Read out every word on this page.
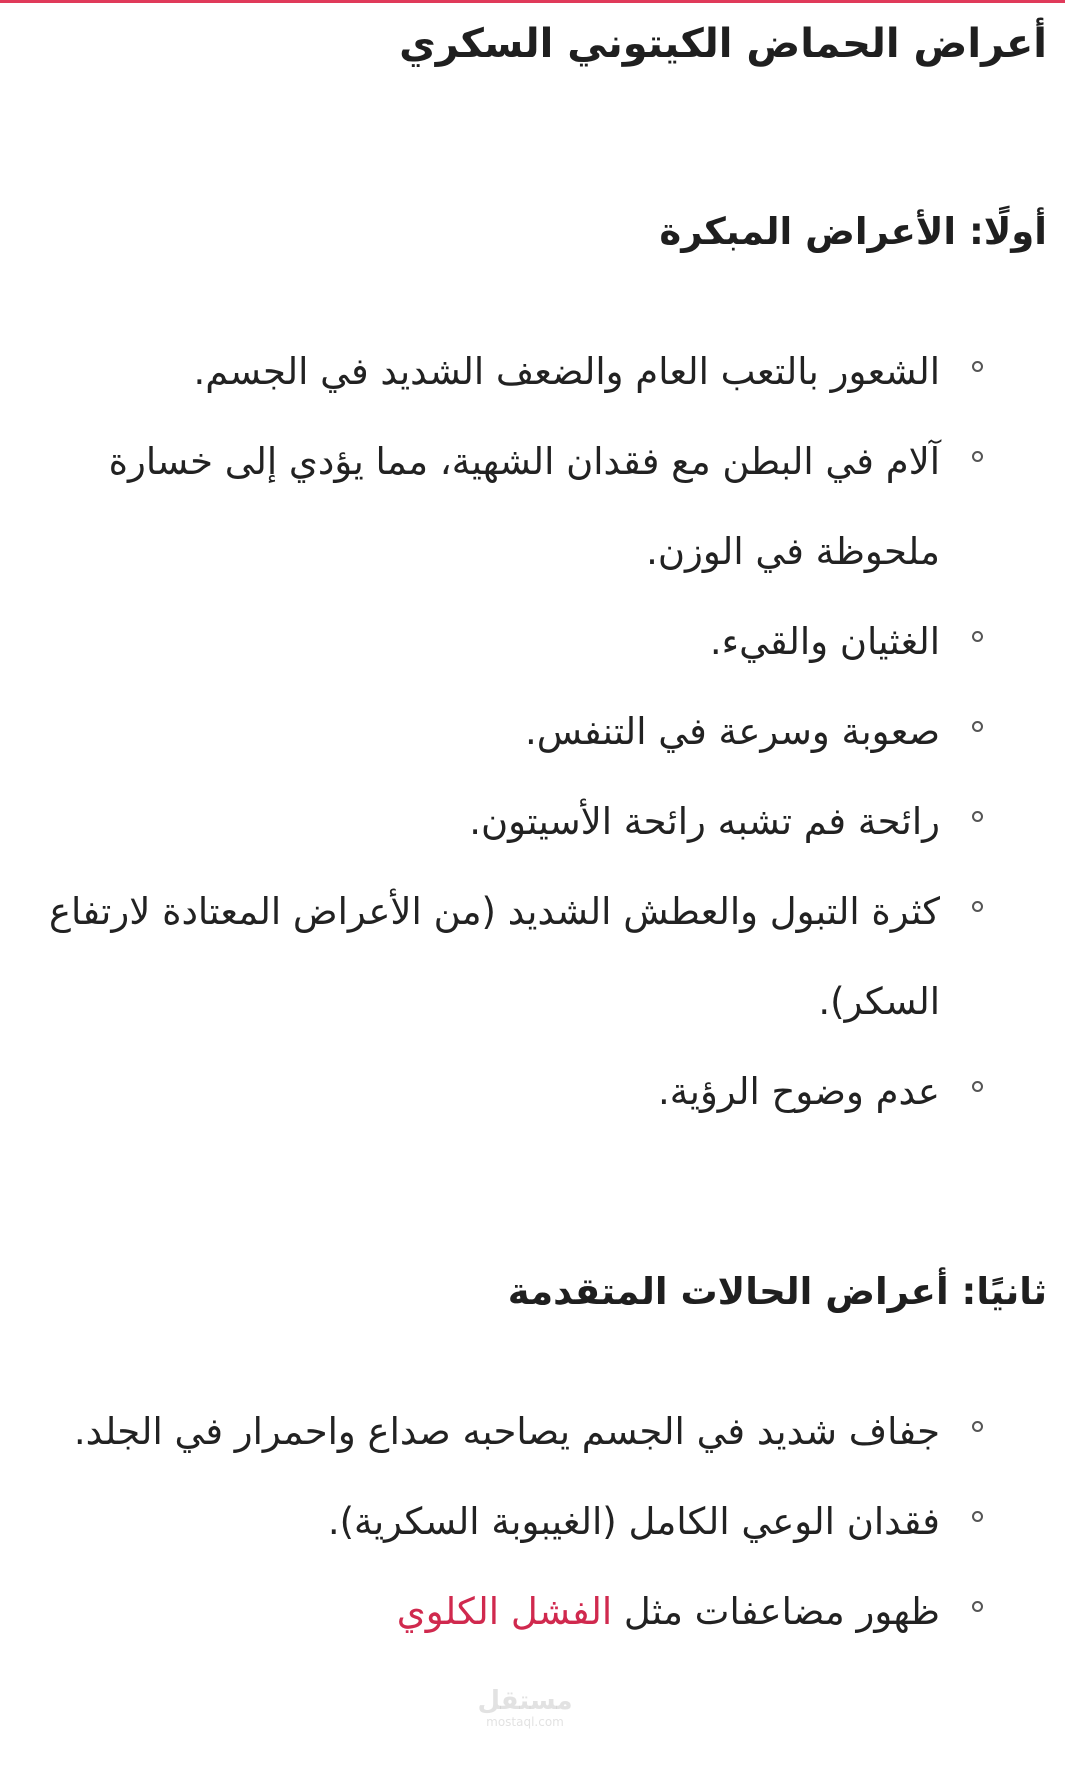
أعراض الحماض الكيتوني السكري
أولًا: الأعراض المبكرة
الشعور بالتعب العام والضعف الشديد في الجسم.
آلام في البطن مع فقدان الشهية، مما يؤدي إلى خسارة ملحوظة في الوزن.
الغثيان والقيء.
صعوبة وسرعة في التنفس.
رائحة فم تشبه رائحة الأسيتون.
كثرة التبول والعطش الشديد (من الأعراض المعتادة لارتفاع السكر).
عدم وضوح الرؤية.
ثانيًا: أعراض الحالات المتقدمة
جفاف شديد في الجسم يصاحبه صداع واحمرار في الجلد.
فقدان الوعي الكامل (الغيبوبة السكرية).
ظهور مضاعفات مثل الفشل الكلوي
مستقل
mostaql.com
